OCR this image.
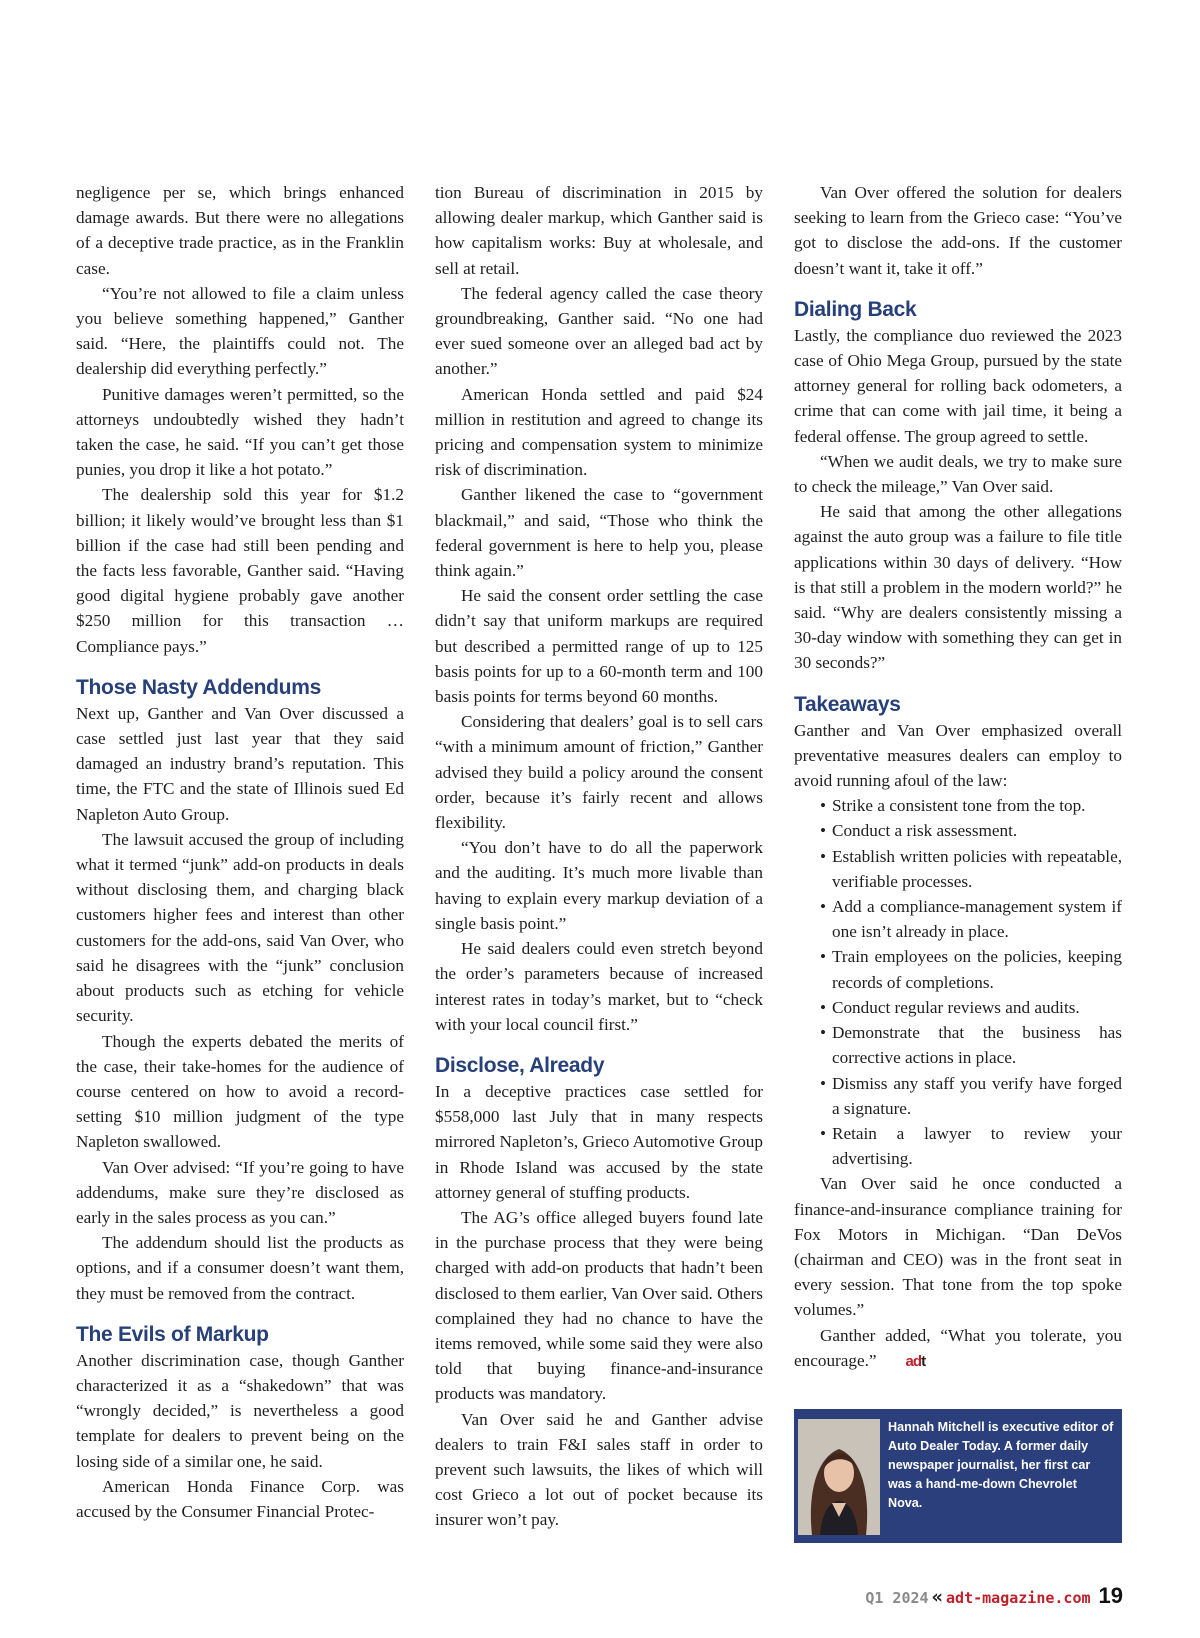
negligence per se, which brings enhanced damage awards. But there were no allegations of a deceptive trade practice, as in the Franklin case.

“You’re not allowed to file a claim unless you believe something happened,” Ganther said. “Here, the plaintiffs could not. The dealership did everything perfectly.”

Punitive damages weren’t permitted, so the attorneys undoubtedly wished they hadn’t taken the case, he said. “If you can’t get those punies, you drop it like a hot potato.”

The dealership sold this year for $1.2 billion; it likely would’ve brought less than $1 billion if the case had still been pending and the facts less favorable, Ganther said. “Having good digital hygiene probably gave another $250 million for this transaction … Compliance pays.”

Those Nasty Addendums

Next up, Ganther and Van Over discussed a case settled just last year that they said damaged an industry brand’s reputation. This time, the FTC and the state of Illinois sued Ed Napleton Auto Group.

The lawsuit accused the group of including what it termed “junk” add-on products in deals without disclosing them, and charging black customers higher fees and interest than other customers for the add-ons, said Van Over, who said he disagrees with the “junk” conclusion about products such as etching for vehicle security.

Though the experts debated the merits of the case, their take-homes for the audience of course centered on how to avoid a record-setting $10 million judgment of the type Napleton swallowed.

Van Over advised: “If you’re going to have addendums, make sure they’re disclosed as early in the sales process as you can.”

The addendum should list the products as options, and if a consumer doesn’t want them, they must be removed from the contract.

The Evils of Markup

Another discrimination case, though Ganther characterized it as a “shakedown” that was “wrongly decided,” is nevertheless a good template for dealers to prevent being on the losing side of a similar one, he said.

American Honda Finance Corp. was accused by the Consumer Financial Protec-

tion Bureau of discrimination in 2015 by allowing dealer markup, which Ganther said is how capitalism works: Buy at wholesale, and sell at retail.

The federal agency called the case theory groundbreaking, Ganther said. “No one had ever sued someone over an alleged bad act by another.”

American Honda settled and paid $24 million in restitution and agreed to change its pricing and compensation system to minimize risk of discrimination.

Ganther likened the case to “government blackmail,” and said, “Those who think the federal government is here to help you, please think again.”

He said the consent order settling the case didn’t say that uniform markups are required but described a permitted range of up to 125 basis points for up to a 60-month term and 100 basis points for terms beyond 60 months.

Considering that dealers’ goal is to sell cars “with a minimum amount of friction,” Ganther advised they build a policy around the consent order, because it’s fairly recent and allows flexibility.

“You don’t have to do all the paperwork and the auditing. It’s much more livable than having to explain every markup deviation of a single basis point.”

He said dealers could even stretch beyond the order’s parameters because of increased interest rates in today’s market, but to “check with your local council first.”

Disclose, Already

In a deceptive practices case settled for $558,000 last July that in many respects mirrored Napleton’s, Grieco Automotive Group in Rhode Island was accused by the state attorney general of stuffing products.

The AG’s office alleged buyers found late in the purchase process that they were being charged with add-on products that hadn’t been disclosed to them earlier, Van Over said. Others complained they had no chance to have the items removed, while some said they were also told that buying finance-and-insurance products was mandatory.

Van Over said he and Ganther advise dealers to train F&I sales staff in order to prevent such lawsuits, the likes of which will cost Grieco a lot out of pocket because its insurer won’t pay.

Van Over offered the solution for dealers seeking to learn from the Grieco case: “You’ve got to disclose the add-ons. If the customer doesn’t want it, take it off.”

Dialing Back

Lastly, the compliance duo reviewed the 2023 case of Ohio Mega Group, pursued by the state attorney general for rolling back odometers, a crime that can come with jail time, it being a federal offense. The group agreed to settle.

“When we audit deals, we try to make sure to check the mileage,” Van Over said.

He said that among the other allegations against the auto group was a failure to file title applications within 30 days of delivery. “How is that still a problem in the modern world?” he said. “Why are dealers consistently missing a 30-day window with something they can get in 30 seconds?”

Takeaways

Ganther and Van Over emphasized overall preventative measures dealers can employ to avoid running afoul of the law:

• Strike a consistent tone from the top.
• Conduct a risk assessment.
• Establish written policies with repeatable, verifiable processes.
• Add a compliance-management system if one isn’t already in place.
• Train employees on the policies, keeping records of completions.
• Conduct regular reviews and audits.
• Demonstrate that the business has corrective actions in place.
• Dismiss any staff you verify have forged a signature.
• Retain a lawyer to review your advertising.

Van Over said he once conducted a finance-and-insurance compliance training for Fox Motors in Michigan. “Dan DeVos (chairman and CEO) was in the front seat in every session. That tone from the top spoke volumes.”

Ganther added, “What you tolerate, you encourage.” adt

Hannah Mitchell is executive editor of Auto Dealer Today. A former daily newspaper journalist, her first car was a hand-me-down Chevrolet Nova.
Q1 2024 « adt-magazine.com 19
